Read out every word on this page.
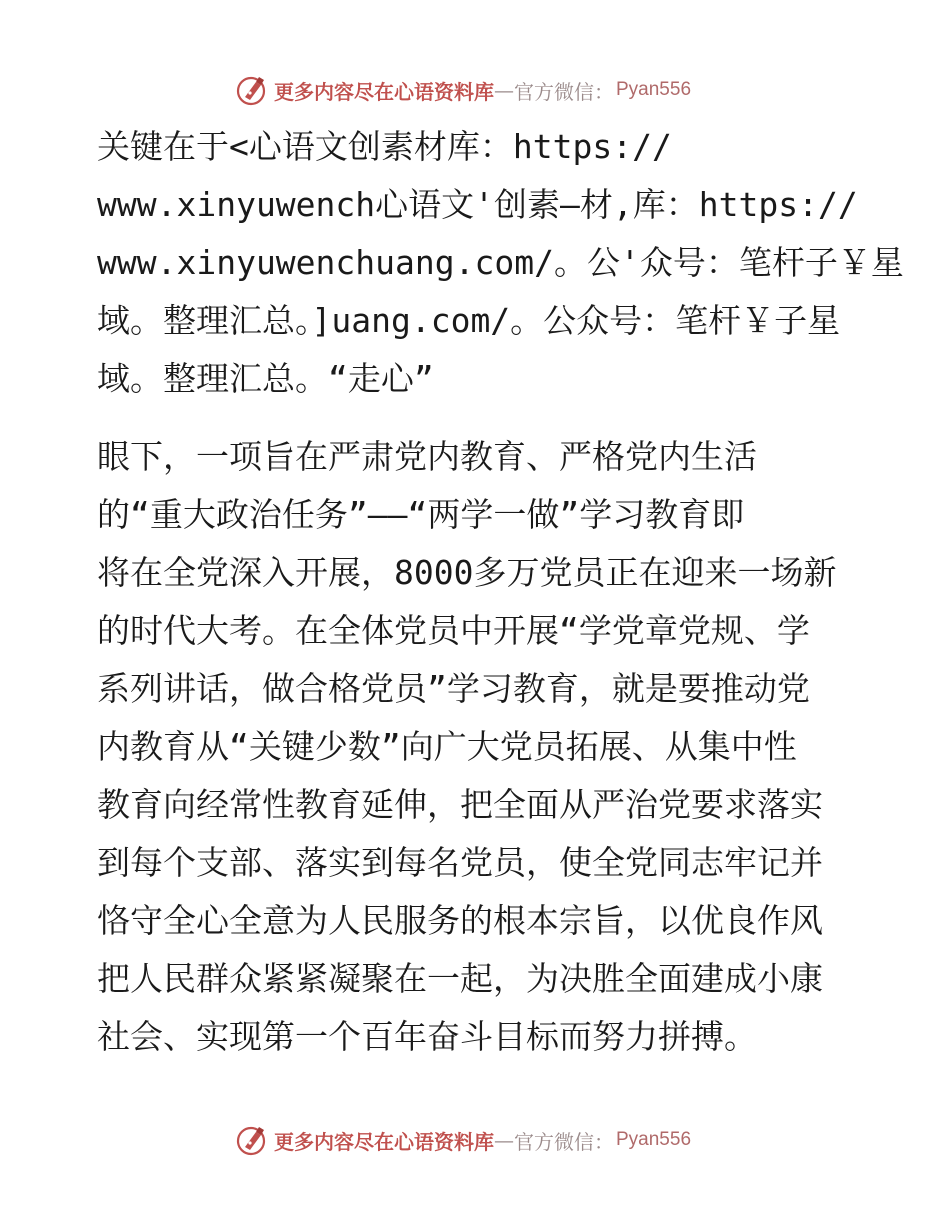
更多内容尽在心语资料库 — 官方微信： Pyan556
关键在于<心语文创素材库：https://
www.xinyuwench心语文'创素—材,库：https://
www.xinyuwenchuang.com/。公'众号：笔杆子￥星
域。整理汇总。]uang.com/。公众号：笔杆￥子星
域。整理汇总。“走心”
眼下，一项旨在严肃党内教育、严格党内生活
的“重大政治任务”——“两学一做”学习教育即
将在全党深入开展，8000多万党员正在迎来一场新
的时代大考。在全体党员中开展“学党章党规、学
系列讲话，做合格党员”学习教育，就是要推动党
内教育从“关键少数”向广大党员拓展、从集中性
教育向经常性教育延伸，把全面从严治党要求落实
到每个支部、落实到每名党员，使全党同志牢记并
恪守全心全意为人民服务的根本宗旨，以优良作风
把人民群众紧紧凝聚在一起，为决胜全面建成小康
社会、实现第一个百年奋斗目标而努力拼搏。
更多内容尽在心语资料库 — 官方微信： Pyan556
